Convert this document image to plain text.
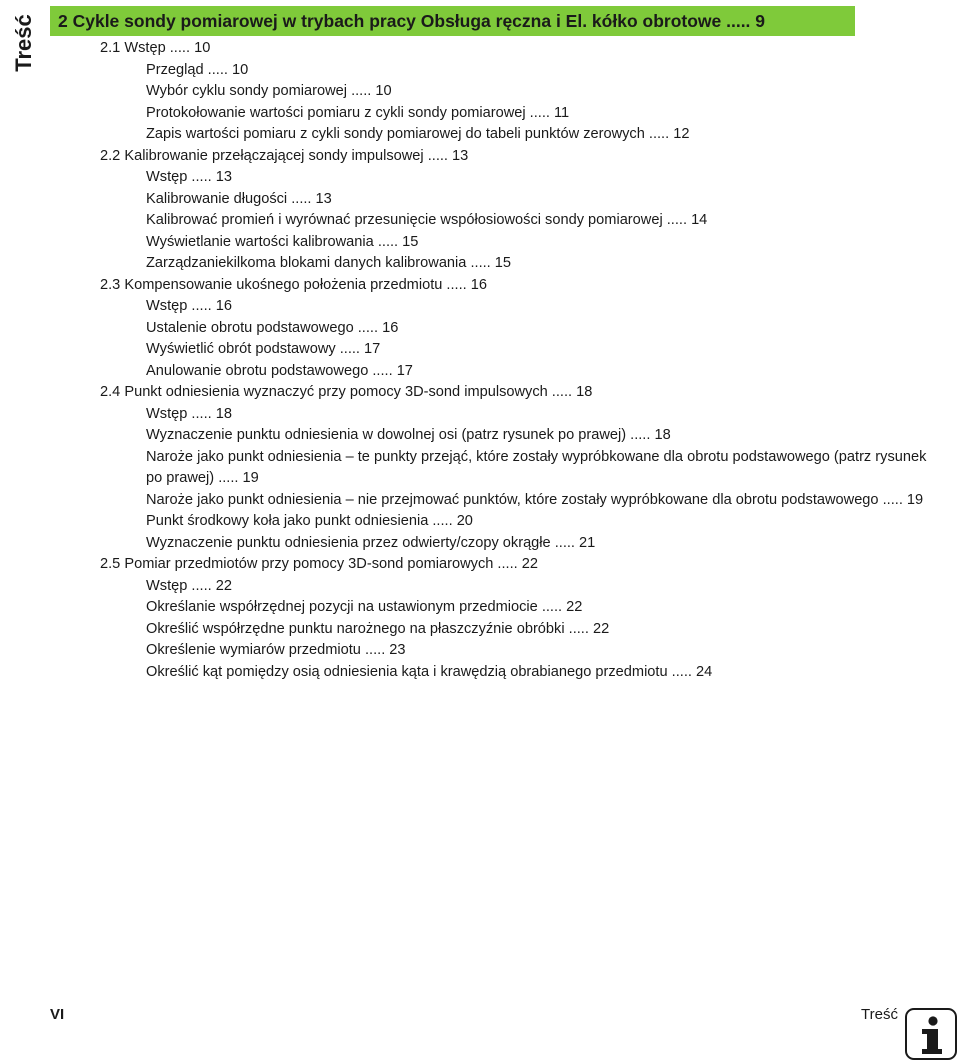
Treść 2 Cykle sondy pomiarowej w trybach pracy Obsługa ręczna i El. kółko obrotowe ..... 9

2.1 Wstęp ..... 10

Przegląd ..... 10

Wybór cyklu sondy pomiarowej ..... 10

Protokołowanie wartości pomiaru z cykli sondy pomiarowej ..... 11

Zapis wartości pomiaru z cykli sondy pomiarowej do tabeli punktów zerowych ..... 12

2.2 Kalibrowanie przełączającej sondy impulsowej ..... 13

Wstęp ..... 13

Kalibrowanie długości ..... 13

Kalibrować promień i wyrównać przesunięcie współosiowości sondy pomiarowej ..... 14

Wyświetlanie wartości kalibrowania ..... 15

Zarządzaniekilkoma blokami danych kalibrowania ..... 15

2.3 Kompensowanie ukośnego położenia przedmiotu ..... 16

Wstęp ..... 16

Ustalenie obrotu podstawowego ..... 16

Wyświetlić obrót podstawowy ..... 17

Anulowanie obrotu podstawowego ..... 17

2.4 Punkt odniesienia wyznaczyć przy pomocy 3D-sond impulsowych ..... 18

Wstęp ..... 18

Wyznaczenie punktu odniesienia w dowolnej osi (patrz rysunek po prawej) ..... 18

Naroże jako punkt odniesienia – te punkty przejąć, które zostały wypróbkowane dla obrotu podstawowego (patrz rysunek po prawej) ..... 19

Naroże jako punkt odniesienia – nie przejmować punktów, które zostały wypróbkowane dla obrotu podstawowego ..... 19

Punkt środkowy koła jako punkt odniesienia ..... 20

Wyznaczenie punktu odniesienia przez odwierty/czopy okrągłe ..... 21

2.5 Pomiar przedmiotów przy pomocy 3D-sond pomiarowych ..... 22

Wstęp ..... 22

Określanie współrzędnej pozycji na ustawionym przedmiocie ..... 22

Określić współrzędne punktu narożnego na płaszczyźnie obróbki ..... 22

Określenie wymiarów przedmiotu ..... 23

Określić kąt pomiędzy osią odniesienia kąta i krawędzią obrabianego przedmiotu ..... 24

VI	Treść
